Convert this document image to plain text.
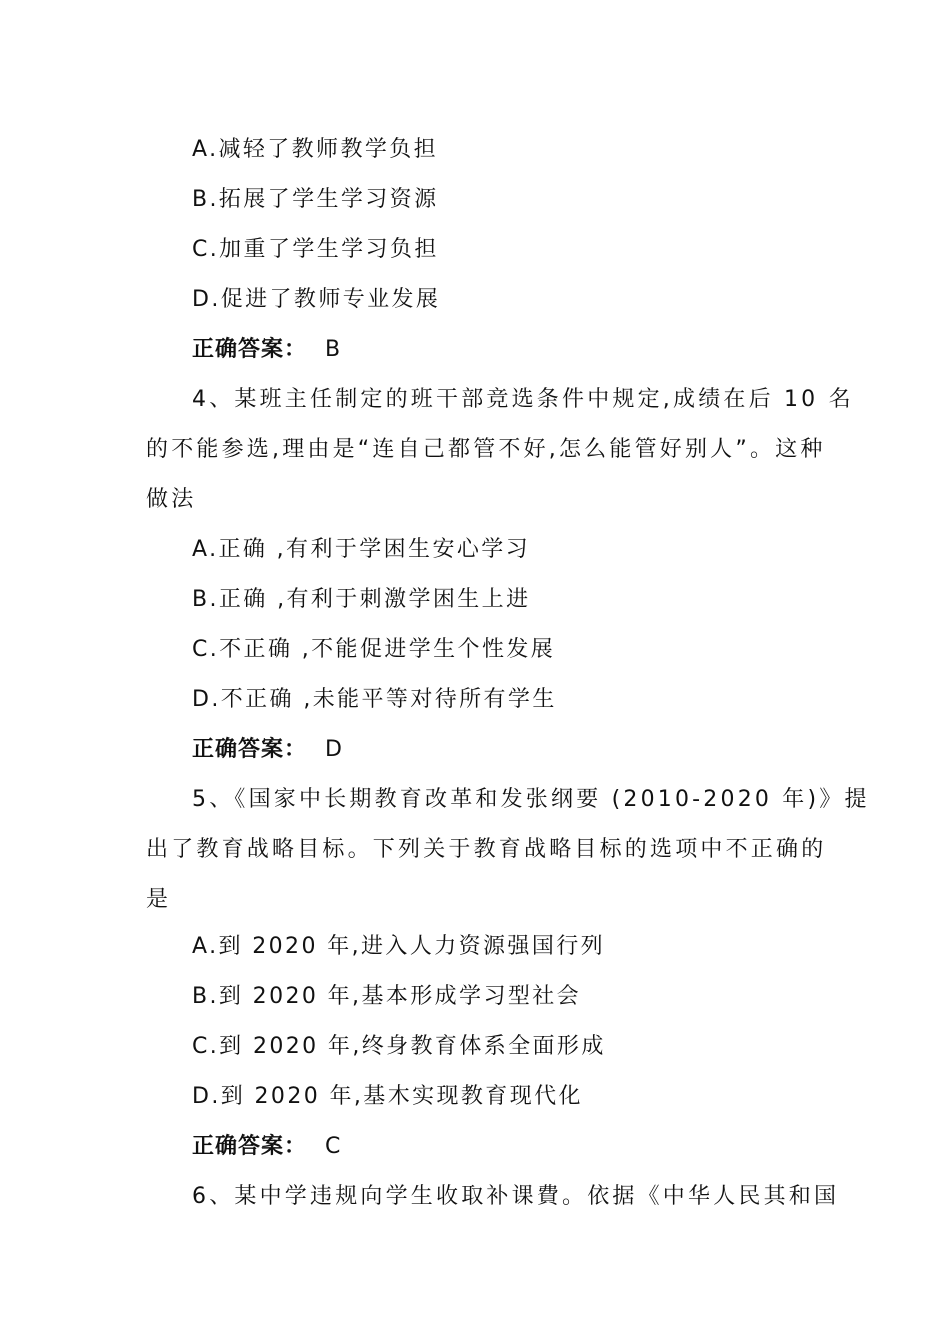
A.减轻了教师教学负担
B.拓展了学生学习资源
C.加重了学生学习负担
D.促进了教师专业发展
正确答案： B
4、某班主任制定的班干部竞选条件中规定,成绩在后 10 名
的不能参选,理由是“连自己都管不好,怎么能管好别人”。这种
做法
A.正确 ,有利于学困生安心学习
B.正确 ,有利于刺激学困生上进
C.不正确 ,不能促进学生个性发展
D.不正确 ,未能平等对待所有学生
正确答案： D
5、《国家中长期教育改革和发张纲要 (2010-2020 年)》提
出了教育战略目标。下列关于教育战略目标的选项中不正确的
是
A.到 2020 年,进入人力资源强国行列
B.到 2020 年,基本形成学习型社会
C.到 2020 年,终身教育体系全面形成
D.到 2020 年,基木实现教育现代化
正确答案： C
6、某中学违规向学生收取补课費。依据《中华人民其和国
